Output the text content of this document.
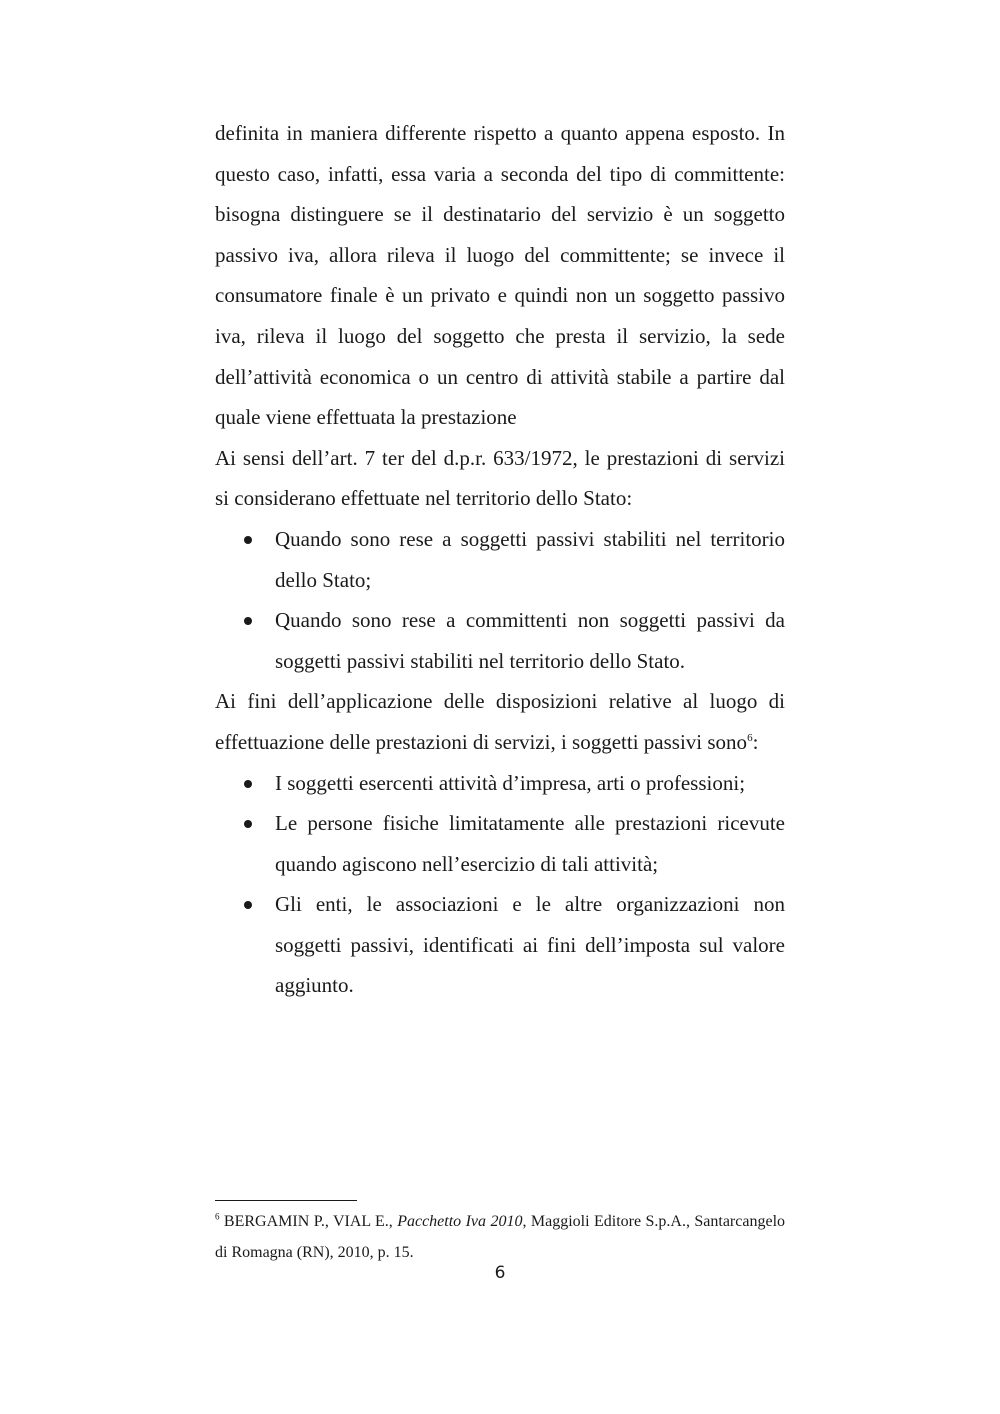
definita in maniera differente rispetto a quanto appena esposto. In questo caso, infatti, essa varia a seconda del tipo di committente: bisogna distinguere se il destinatario del servizio è un soggetto passivo iva, allora rileva il luogo del committente; se invece il consumatore finale è un privato e quindi non un soggetto passivo iva, rileva il luogo del soggetto che presta il servizio, la sede dell’attività economica o un centro di attività stabile a partire dal quale viene effettuata la prestazione

Ai sensi dell’art. 7 ter del d.p.r. 633/1972, le prestazioni di servizi si considerano effettuate nel territorio dello Stato:

Quando sono rese a soggetti passivi stabiliti nel territorio dello Stato;
Quando sono rese a committenti non soggetti passivi da soggetti passivi stabiliti nel territorio dello Stato.

Ai fini dell’applicazione delle disposizioni relative al luogo di effettuazione delle prestazioni di servizi, i soggetti passivi sono$^6$:

I soggetti esercenti attività d’impresa, arti o professioni;
Le persone fisiche limitatamente alle prestazioni ricevute quando agiscono nell’esercizio di tali attività;
Gli enti, le associazioni e le altre organizzazioni non soggetti passivi, identificati ai fini dell’imposta sul valore aggiunto.

$^6$ BERGAMIN P., VIAL E., Pacchetto Iva 2010, Maggioli Editore S.p.A., Santarcangelo di Romagna (RN), 2010, p. 15.

6
